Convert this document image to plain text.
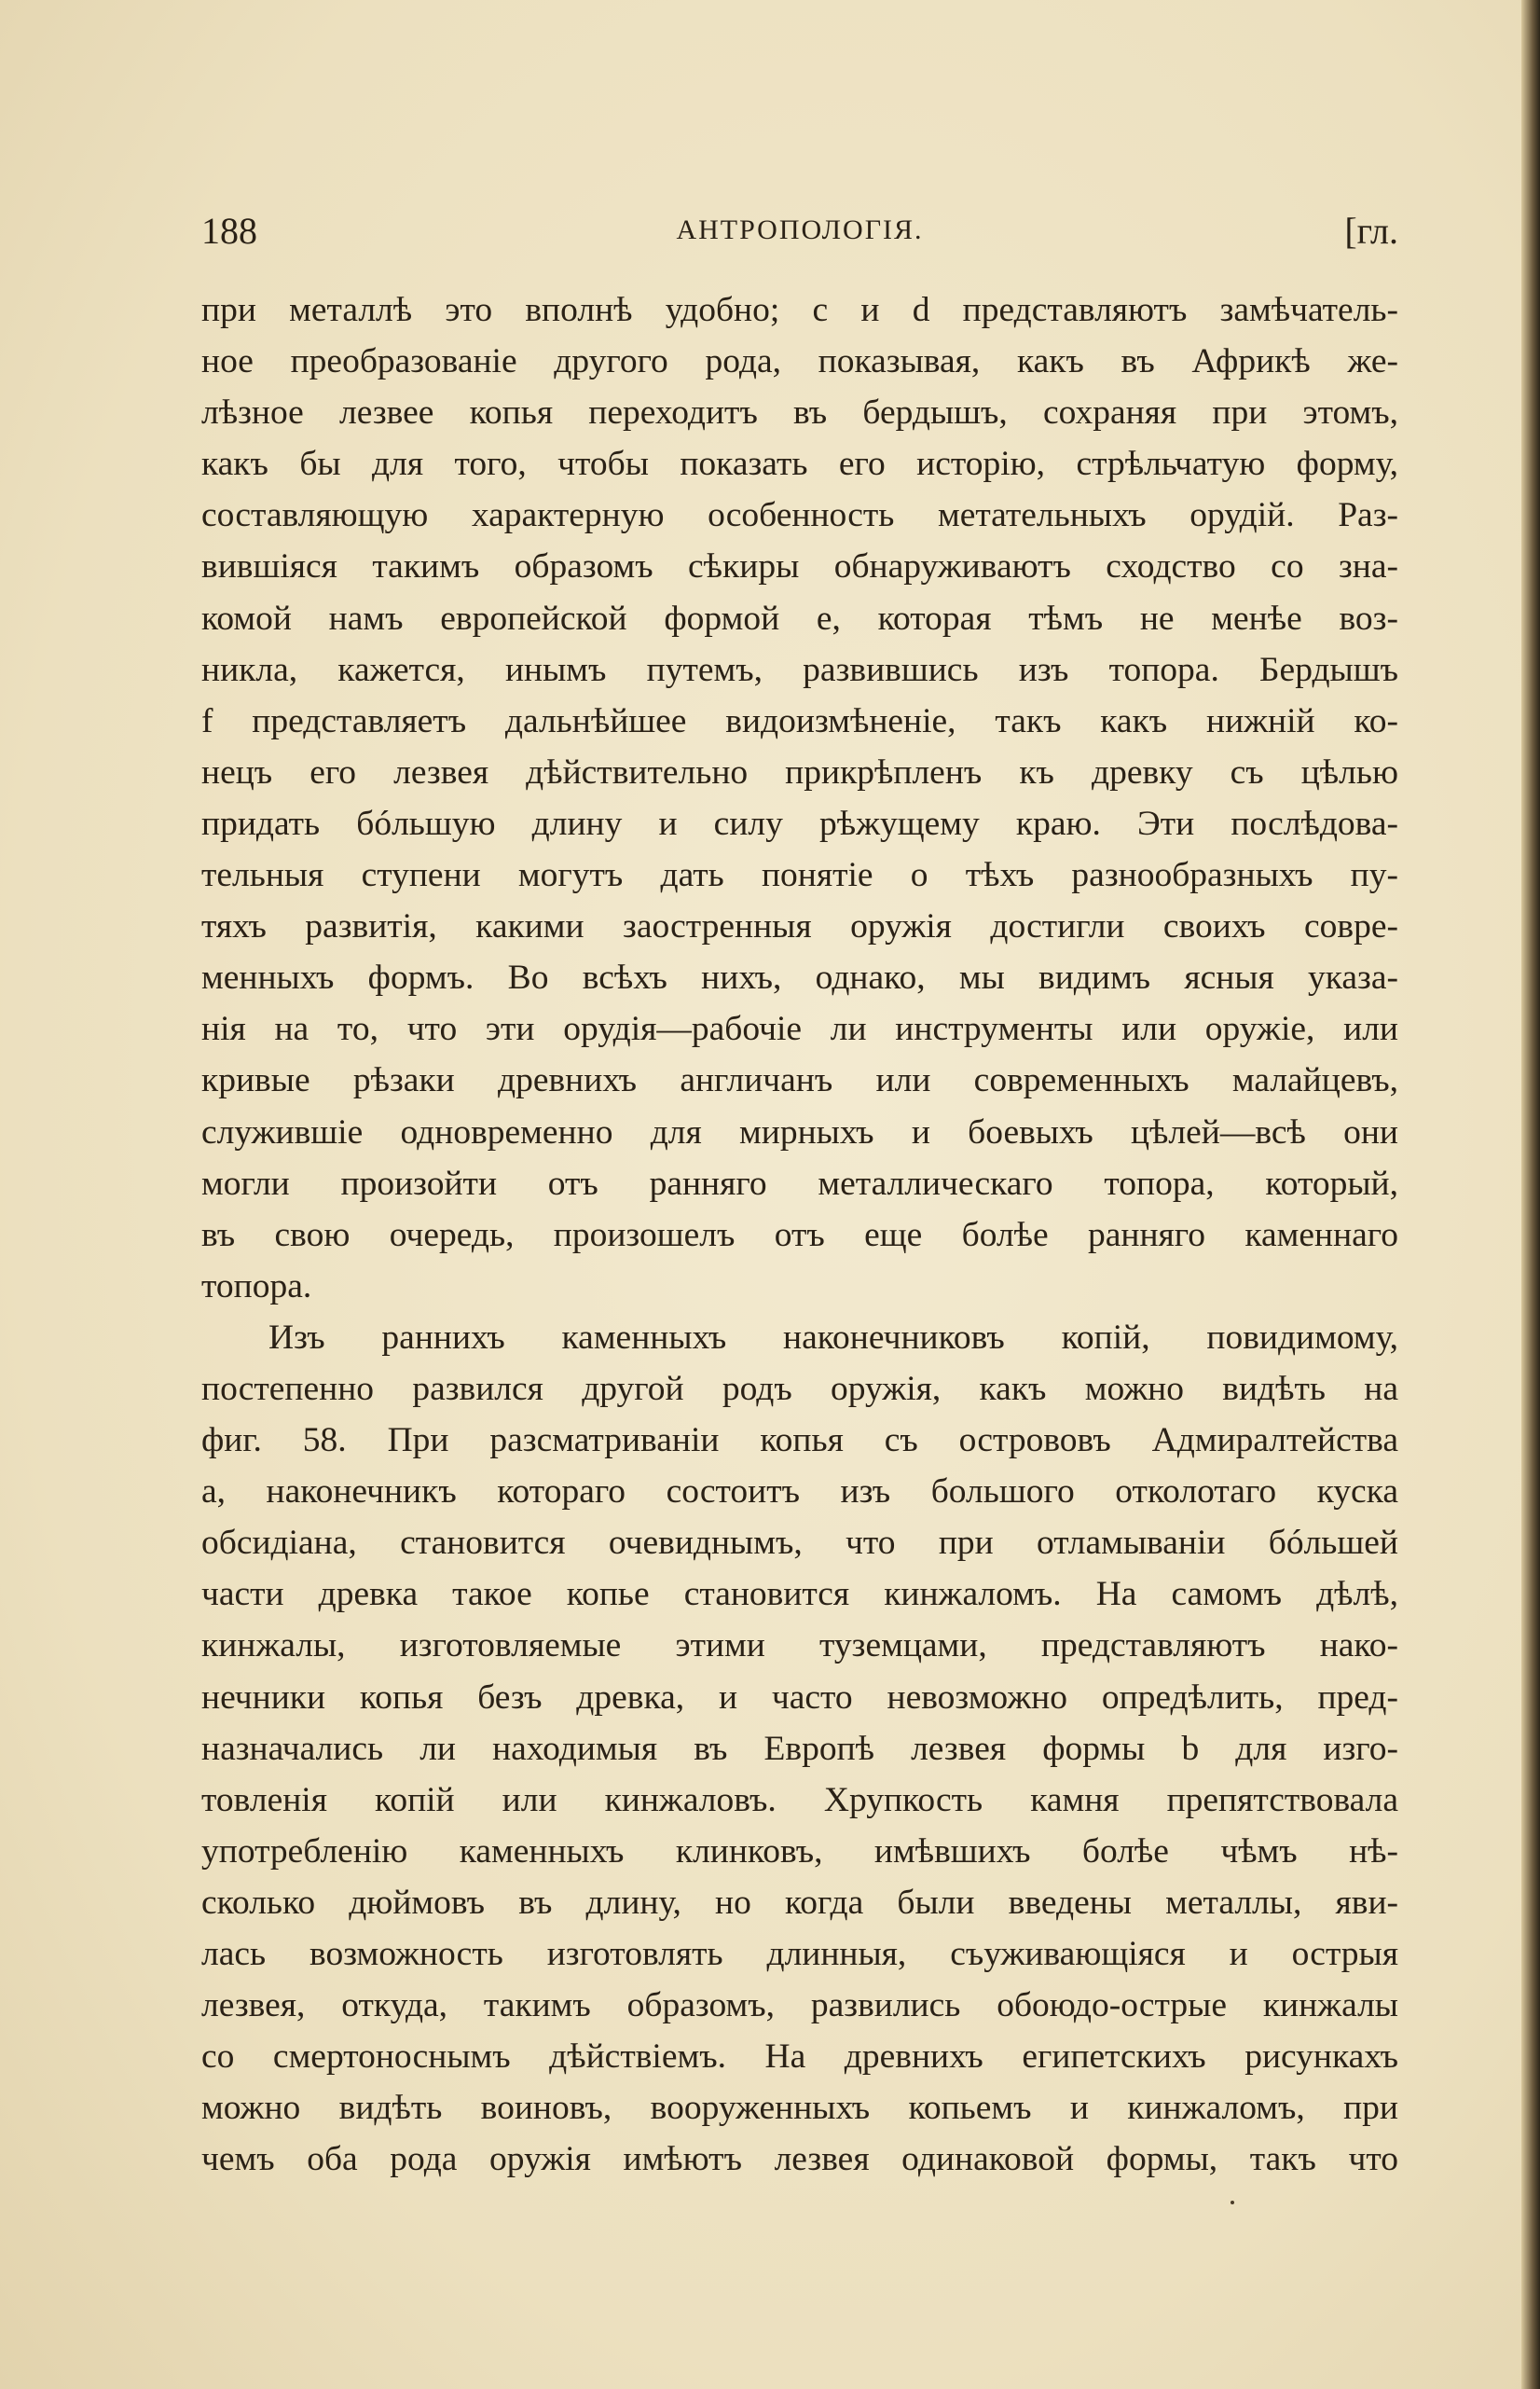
188	АНТРОПОЛОГІЯ.	[гл.
при металлѣ это вполнѣ удобно; c и d представляютъ замѣчатель-
ное преобразованіе другого рода, показывая, какъ въ Африкѣ же-
лѣзное лезвее копья переходитъ въ бердышъ, сохраняя при этомъ,
какъ бы для того, чтобы показать его исторію, стрѣльчатую форму,
составляющую характерную особенность метательныхъ орудій. Раз-
вившіяся такимъ образомъ сѣкиры обнаруживаютъ сходство со зна-
комой намъ европейской формой e, которая тѣмъ не менѣе воз-
никла, кажется, инымъ путемъ, развившись изъ топора. Бердышъ
f представляетъ дальнѣйшее видоизмѣненіе, такъ какъ нижній ко-
нецъ его лезвея дѣйствительно прикрѣпленъ къ древку съ цѣлью
придать бóльшую длину и силу рѣжущему краю. Эти послѣдова-
тельныя ступени могутъ дать понятіе о тѣхъ разнообразныхъ пу-
тяхъ развитія, какими заостренныя оружія достигли своихъ совре-
менныхъ формъ. Во всѣхъ нихъ, однако, мы видимъ ясныя указа-
нія на то, что эти орудія—рабочіе ли инструменты или оружіе, или
кривые рѣзаки древнихъ англичанъ или современныхъ малайцевъ,
служившіе одновременно для мирныхъ и боевыхъ цѣлей—всѣ они
могли произойти отъ ранняго металлическаго топора, который,
въ свою очередь, произошелъ отъ еще болѣе ранняго каменнаго
топора.
Изъ раннихъ каменныхъ наконечниковъ копій, повидимому,
постепенно развился другой родъ оружія, какъ можно видѣть на
фиг. 58. При разсматриваніи копья съ острововъ Адмиралтейства
a, наконечникъ котораго состоитъ изъ большого отколотаго куска
обсидіана, становится очевиднымъ, что при отламываніи бóльшей
части древка такое копье становится кинжаломъ. На самомъ дѣлѣ,
кинжалы, изготовляемые этими туземцами, представляютъ нако-
нечники копья безъ древка, и часто невозможно опредѣлить, пред-
назначались ли находимыя въ Европѣ лезвея формы b для изго-
товленія копій или кинжаловъ. Хрупкость камня препятствовала
употребленію каменныхъ клинковъ, имѣвшихъ болѣе чѣмъ нѣ-
сколько дюймовъ въ длину, но когда были введены металлы, яви-
лась возможность изготовлять длинныя, съуживающіяся и острыя
лезвея, откуда, такимъ образомъ, развились обоюдо-острые кинжалы
со смертоноснымъ дѣйствіемъ. На древнихъ египетскихъ рисункахъ
можно видѣть воиновъ, вооруженныхъ копьемъ и кинжаломъ, при
чемъ оба рода оружія имѣютъ лезвея одинаковой формы, такъ что
